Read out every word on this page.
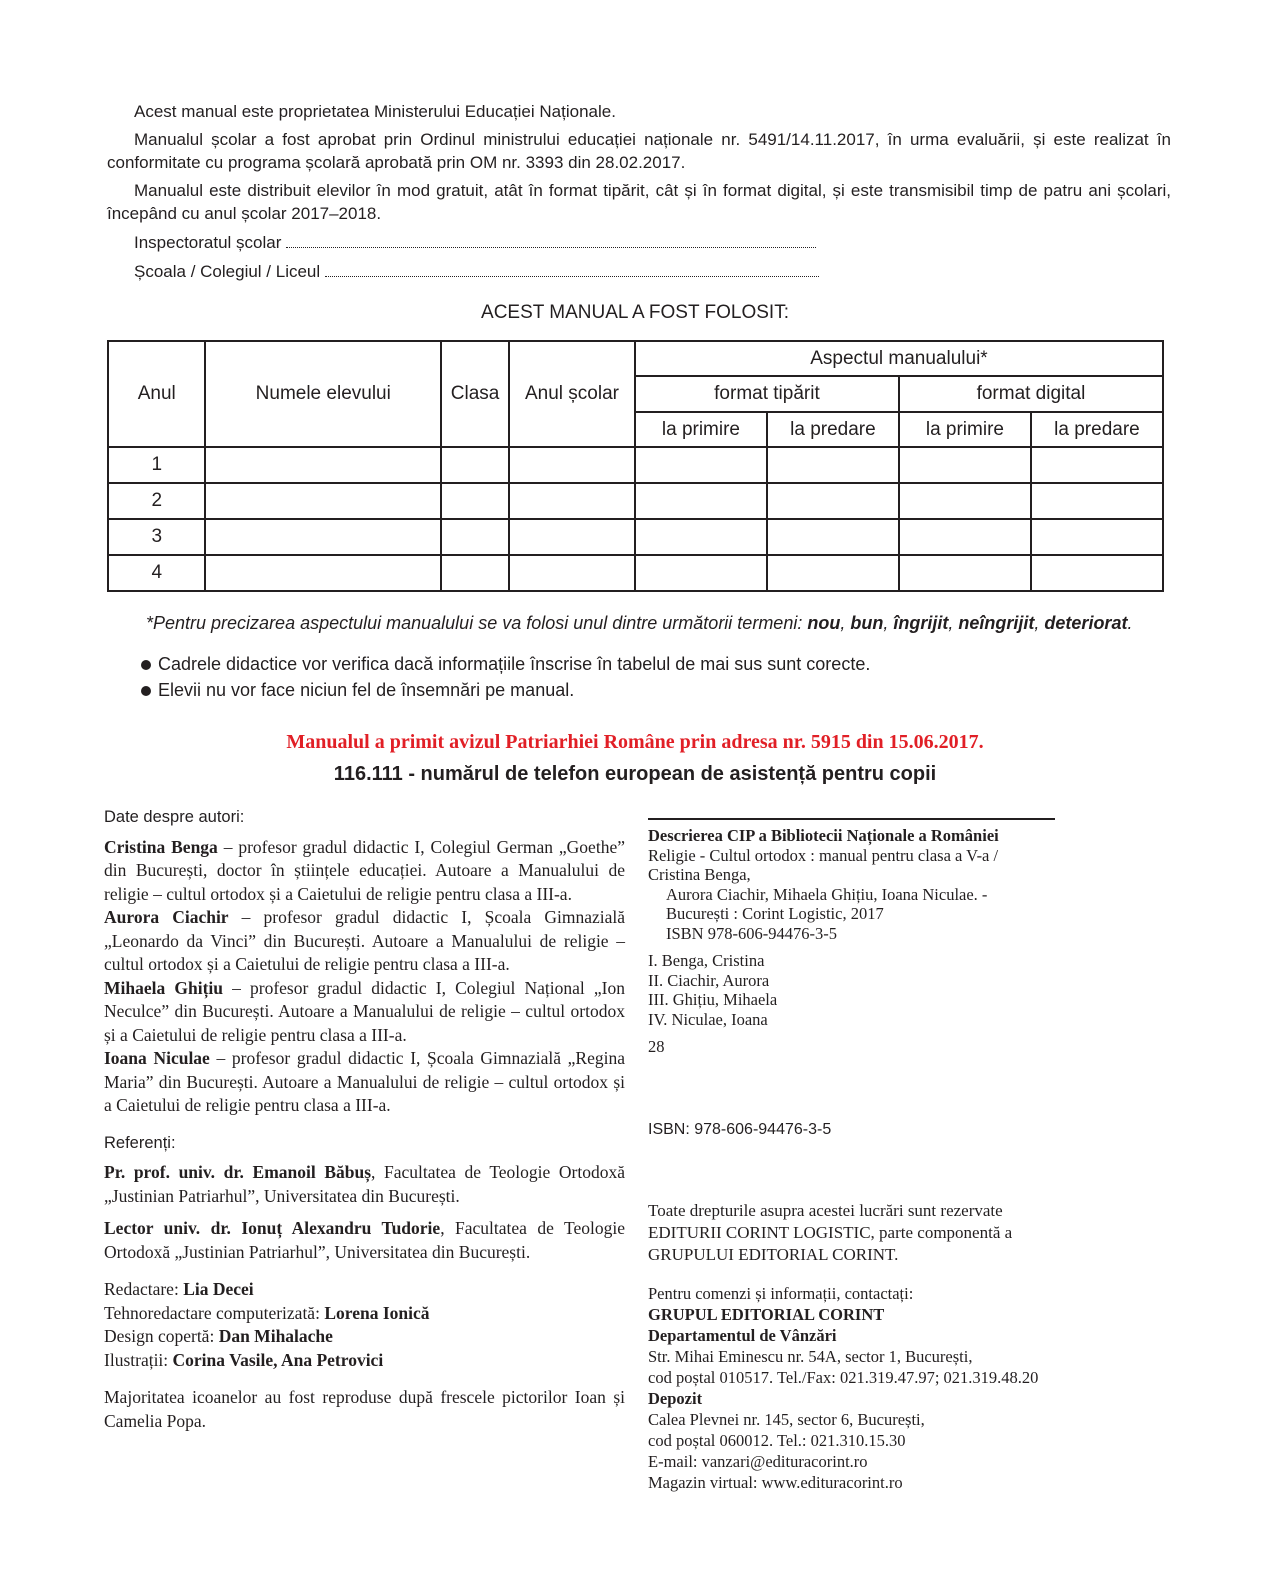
Acest manual este proprietatea Ministerului Educației Naționale.

Manualul școlar a fost aprobat prin Ordinul ministrului educației naționale nr. 5491/14.11.2017, în urma evaluării, și este realizat în conformitate cu programa școlară aprobată prin OM nr. 3393 din 28.02.2017.

Manualul este distribuit elevilor în mod gratuit, atât în format tipărit, cât și în format digital, și este transmisibil timp de patru ani școlari, începând cu anul școlar 2017–2018.

Inspectoratul școlar
Școala / Colegiul / Liceul
ACEST MANUAL A FOST FOLOSIT:
Anul	Numele elevului	Clasa	Anul școlar	Aspectul manualului*			
				format tipărit		format digital	
				la primire	la predare	la primire	la predare
1							
2							
3							
4							
*Pentru precizarea aspectului manualului se va folosi unul dintre următorii termeni: nou, bun, îngrijit, neîngrijit, deteriorat.
Cadrele didactice vor verifica dacă informațiile înscrise în tabelul de mai sus sunt corecte.
Elevii nu vor face niciun fel de însemnări pe manual.
Manualul a primit avizul Patriarhiei Române prin adresa nr. 5915 din 15.06.2017.
116.111 - numărul de telefon european de asistență pentru copii

Date despre autori:

Cristina Benga – profesor gradul didactic I, Colegiul German „Goethe” din București, doctor în științele educației. Autoare a Manualului de religie – cultul ortodox și a Caietului de religie pentru clasa a III-a.

Aurora Ciachir – profesor gradul didactic I, Școala Gimnazială „Leonardo da Vinci” din București. Autoare a Manualului de religie – cultul ortodox și a Caietului de religie pentru clasa a III-a.

Mihaela Ghițiu – profesor gradul didactic I, Colegiul Național „Ion Neculce” din București. Autoare a Manualului de religie – cultul ortodox și a Caietului de religie pentru clasa a III-a.

Ioana Niculae – profesor gradul didactic I, Școala Gimnazială „Regina Maria” din București. Autoare a Manualului de religie – cultul ortodox și a Caietului de religie pentru clasa a III-a.

Referenți:

Pr. prof. univ. dr. Emanoil Băbuș, Facultatea de Teologie Ortodoxă „Justinian Patriarhul”, Universitatea din București.

Lector univ. dr. Ionuț Alexandru Tudorie, Facultatea de Teologie Ortodoxă „Justinian Patriarhul”, Universitatea din București.

Redactare: Lia Decei

Tehnoredactare computerizată: Lorena Ionică

Design copertă: Dan Mihalache

Ilustrații: Corina Vasile, Ana Petrovici

Majoritatea icoanelor au fost reproduse după frescele pictorilor Ioan și Camelia Popa.

Descrierea CIP a Bibliotecii Naționale a României
Religie - Cultul ortodox : manual pentru clasa a V-a /
Cristina Benga,
Aurora Ciachir, Mihaela Ghițiu, Ioana Niculae. -
București : Corint Logistic, 2017
ISBN 978-606-94476-3-5
I. Benga, Cristina
II. Ciachir, Aurora
III. Ghițiu, Mihaela
IV. Niculae, Ioana
28
ISBN: 978-606-94476-3-5

Toate drepturile asupra acestei lucrări sunt rezervate

EDITURII CORINT LOGISTIC, parte componentă a

GRUPULUI EDITORIAL CORINT.

Pentru comenzi și informații, contactați:

GRUPUL EDITORIAL CORINT

Departamentul de Vânzări

Str. Mihai Eminescu nr. 54A, sector 1, București,

cod poștal 010517. Tel./Fax: 021.319.47.97; 021.319.48.20

Depozit

Calea Plevnei nr. 145, sector 6, București,

cod poștal 060012. Tel.: 021.310.15.30

E-mail: vanzari@edituracorint.ro

Magazin virtual: www.edituracorint.ro
